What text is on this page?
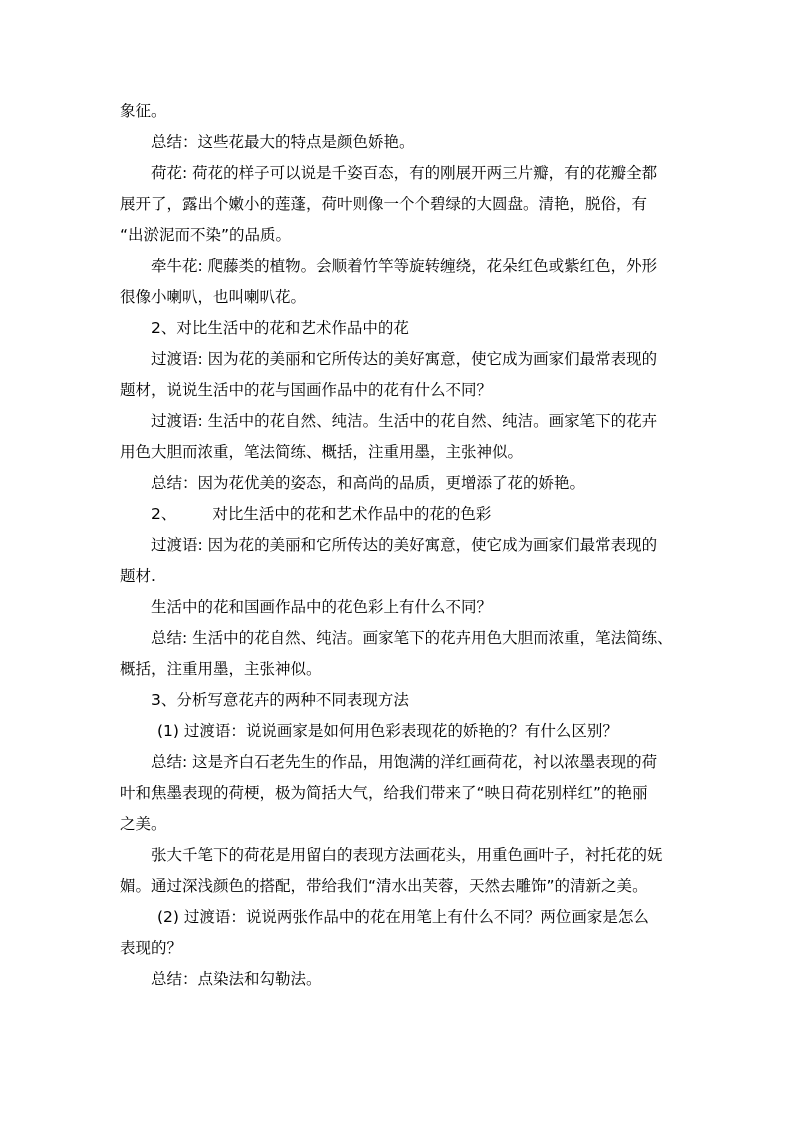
象征。
总结：这些花最大的特点是颜色娇艳。
荷花: 荷花的样子可以说是千姿百态，有的刚展开两三片瓣，有的花瓣全都
展开了，露出个嫩小的莲蓬，荷叶则像一个个碧绿的大圆盘。清艳，脱俗，有
“出淤泥而不染”的品质。
牵牛花: 爬藤类的植物。会顺着竹竿等旋转缠绕，花朵红色或紫红色，外形
很像小喇叭，也叫喇叭花。
2、对比生活中的花和艺术作品中的花
过渡语: 因为花的美丽和它所传达的美好寓意，使它成为画家们最常表现的
题材，说说生活中的花与国画作品中的花有什么不同？
过渡语: 生活中的花自然、纯洁。生活中的花自然、纯洁。画家笔下的花卉
用色大胆而浓重，笔法简练、概括，注重用墨，主张神似。
总结：因为花优美的姿态，和高尚的品质，更增添了花的娇艳。
2、 对比生活中的花和艺术作品中的花的色彩
过渡语: 因为花的美丽和它所传达的美好寓意，使它成为画家们最常表现的
题材.
生活中的花和国画作品中的花色彩上有什么不同？
总结: 生活中的花自然、纯洁。画家笔下的花卉用色大胆而浓重，笔法简练、
概括，注重用墨，主张神似。
3、分析写意花卉的两种不同表现方法
(1) 过渡语：说说画家是如何用色彩表现花的娇艳的？有什么区别？
总结: 这是齐白石老先生的作品，用饱满的洋红画荷花，衬以浓墨表现的荷
叶和焦墨表现的荷梗，极为简括大气，给我们带来了“映日荷花别样红”的艳丽
之美。
张大千笔下的荷花是用留白的表现方法画花头，用重色画叶子，衬托花的妩
媚。通过深浅颜色的搭配，带给我们“清水出芙蓉，天然去雕饰”的清新之美。
(2) 过渡语：说说两张作品中的花在用笔上有什么不同？两位画家是怎么
表现的？
总结：点染法和勾勒法。
